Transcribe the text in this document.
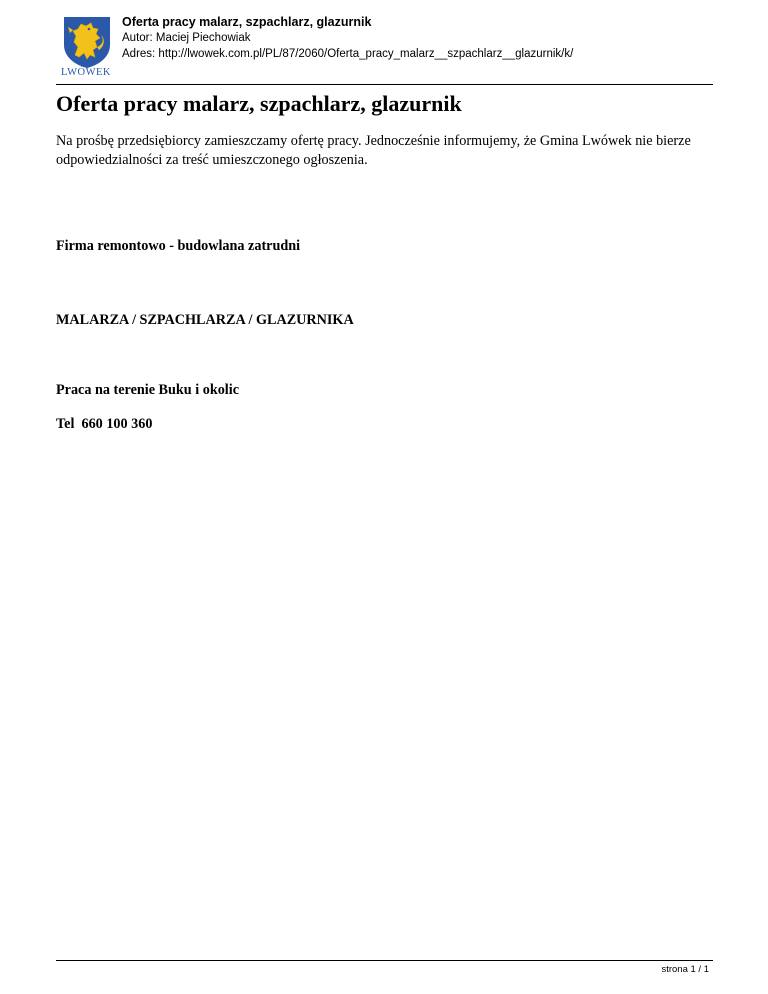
LWÓWEK
Oferta pracy malarz, szpachlarz, glazurnik
Autor: Maciej Piechowiak
Adres: http://lwowek.com.pl/PL/87/2060/Oferta_pracy_malarz__szpachlarz__glazurnik/k/
Oferta pracy malarz, szpachlarz, glazurnik

Na prośbę przedsiębiorcy zamieszczamy ofertę pracy. Jednocześnie informujemy, że Gmina Lwówek nie bierze odpowiedzialności za treść umieszczonego ogłoszenia.

Firma remontowo - budowlana zatrudni

MALARZA / SZPACHLARZA / GLAZURNIKA

Praca na terenie Buku i okolic

Tel  660 100 360

strona 1 / 1
